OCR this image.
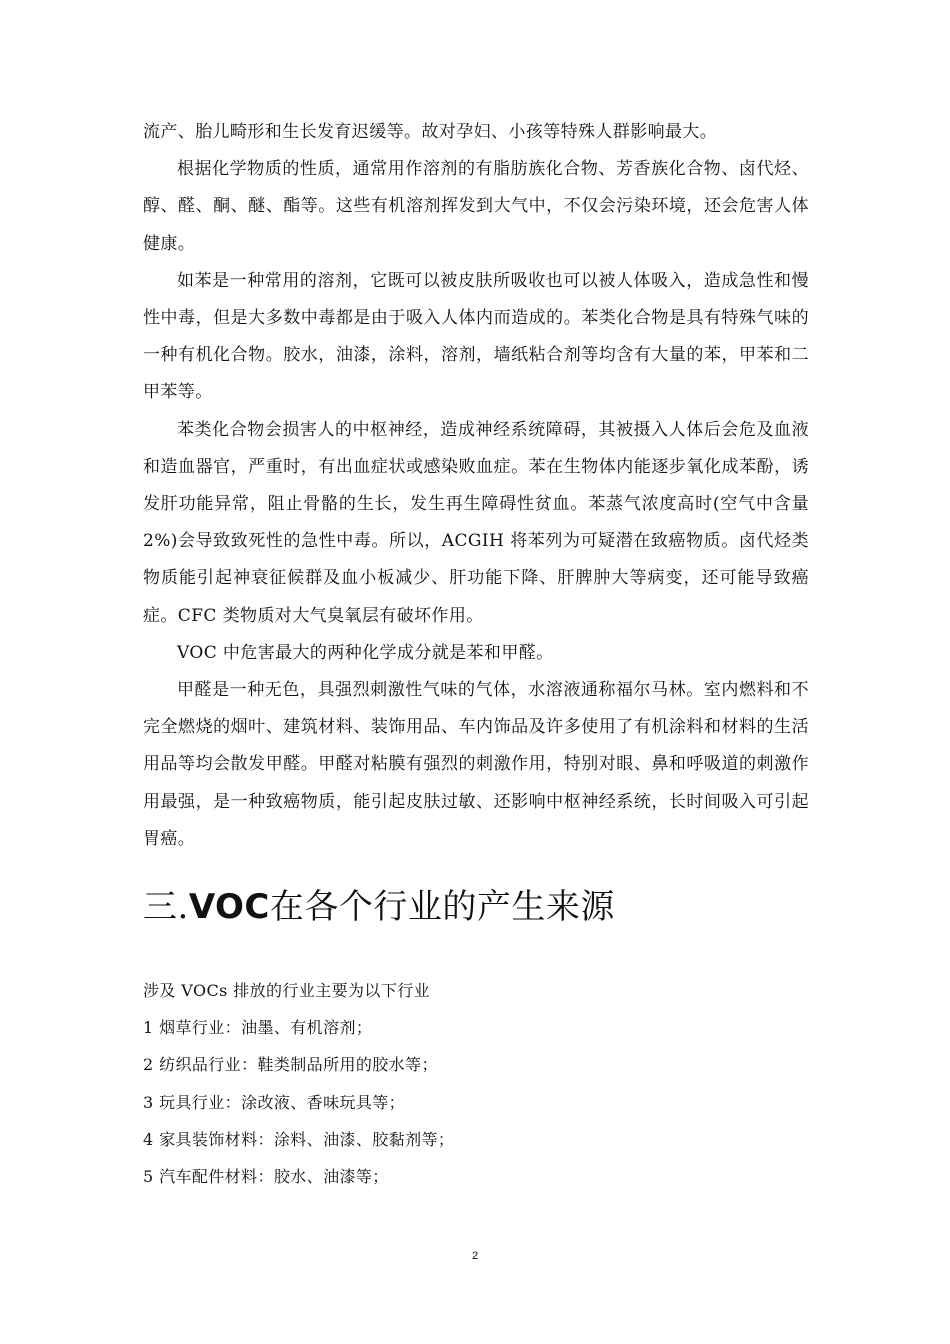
流产、胎儿畸形和生长发育迟缓等。故对孕妇、小孩等特殊人群影响最大。

根据化学物质的性质，通常用作溶剂的有脂肪族化合物、芳香族化合物、卤代烃、醇、醛、酮、醚、酯等。这些有机溶剂挥发到大气中，不仅会污染环境，还会危害人体健康。

如苯是一种常用的溶剂，它既可以被皮肤所吸收也可以被人体吸入，造成急性和慢性中毒，但是大多数中毒都是由于吸入人体内而造成的。苯类化合物是具有特殊气味的一种有机化合物。胶水，油漆，涂料，溶剂，墙纸粘合剂等均含有大量的苯，甲苯和二甲苯等。

苯类化合物会损害人的中枢神经，造成神经系统障碍，其被摄入人体后会危及血液和造血器官，严重时，有出血症状或感染败血症。苯在生物体内能逐步氧化成苯酚，诱发肝功能异常，阻止骨骼的生长，发生再生障碍性贫血。苯蒸气浓度高时(空气中含量 2%)会导致致死性的急性中毒。所以，ACGIH 将苯列为可疑潜在致癌物质。卤代烃类物质能引起神衰征候群及血小板减少、肝功能下降、肝脾肿大等病变，还可能导致癌症。CFC 类物质对大气臭氧层有破坏作用。

VOC 中危害最大的两种化学成分就是苯和甲醛。

甲醛是一种无色，具强烈刺激性气味的气体，水溶液通称福尔马林。室内燃料和不完全燃烧的烟叶、建筑材料、装饰用品、车内饰品及许多使用了有机涂料和材料的生活用品等均会散发甲醛。甲醛对粘膜有强烈的刺激作用，特别对眼、鼻和呼吸道的刺激作用最强，是一种致癌物质，能引起皮肤过敏、还影响中枢神经系统，长时间吸入可引起胃癌。

三.VOC在各个行业的产生来源
涉及 VOCs 排放的行业主要为以下行业
1 烟草行业：油墨、有机溶剂；
2 纺织品行业：鞋类制品所用的胶水等；
3 玩具行业：涂改液、香味玩具等；
4 家具装饰材料：涂料、油漆、胶黏剂等；
5 汽车配件材料：胶水、油漆等；
2
